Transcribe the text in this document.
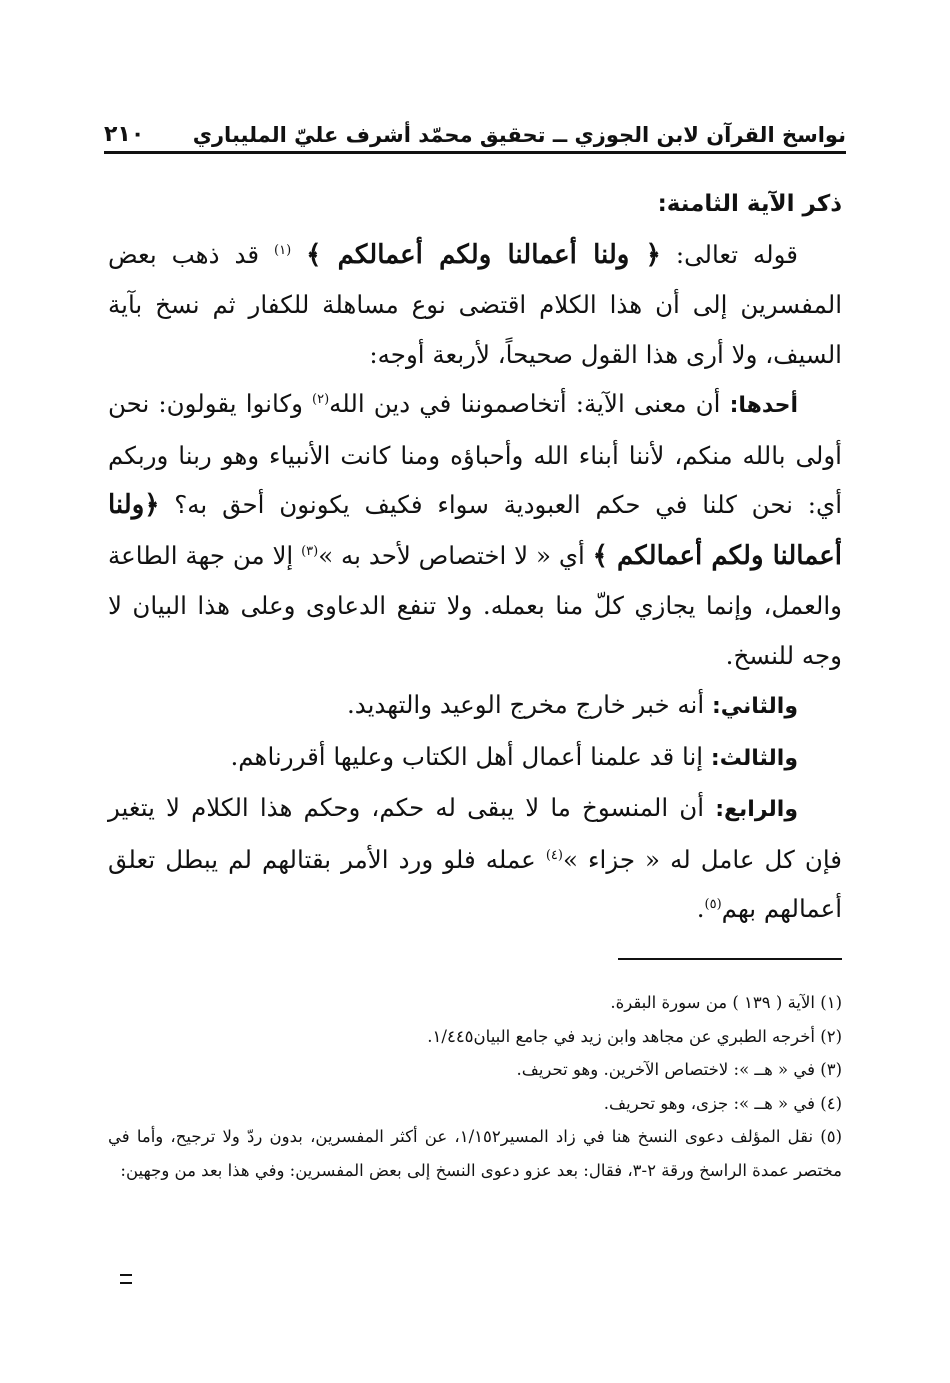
نواسخ القرآن لابن الجوزي ــ تحقيق محمّد أشرف عليّ المليباري
٢١٠

ذكر الآية الثامنة:

قوله تعالى: ﴿ ولنا أعمالنا ولكم أعمالكم ﴾ $^{(١)}$ قد ذهب بعض المفسرين إلى أن هذا الكلام اقتضى نوع مساهلة للكفار ثم نسخ بآية السيف، ولا أرى هذا القول صحيحاً، لأربعة أوجه:

أحدها: أن معنى الآية: أتخاصموننا في دين الله$^{(٢)}$ وكانوا يقولون: نحن أولى بالله منكم، لأننا أبناء الله وأحباؤه ومنا كانت الأنبياء وهو ربنا وربكم أي: نحن كلنا في حكم العبودية سواء فكيف يكونون أحق به؟ ﴿ولنا أعمالنا ولكم أعمالكم ﴾ أي « لا اختصاص لأحد به »$^{(٣)}$ إلا من جهة الطاعة والعمل، وإنما يجازي كلّ منا بعمله. ولا تنفع الدعاوى وعلى هذا البيان لا وجه للنسخ.

والثاني: أنه خبر خارج مخرج الوعيد والتهديد.

والثالث: إنا قد علمنا أعمال أهل الكتاب وعليها أقررناهم.

والرابع: أن المنسوخ ما لا يبقى له حكم، وحكم هذا الكلام لا يتغير فإن كل عامل له « جزاء »$^{(٤)}$ عمله فلو ورد الأمر بقتالهم لم يبطل تعلق أعمالهم بهم$^{(٥)}$.

(١) الآية ( ١٣٩ ) من سورة البقرة.

(٢) أخرجه الطبري عن مجاهد وابن زيد في جامع البيان١/٤٤٥.

(٣) في « هــ »: لاختصاص الآخرين. وهو تحريف.

(٤) في « هــ »: جزى، وهو تحريف.

(٥) نقل المؤلف دعوى النسخ هنا في زاد المسير١/١٥٢، عن أكثر المفسرين، بدون ردّ ولا ترجيح، وأما في مختصر عمدة الراسخ ورقة ٢-٣، فقال: بعد عزو دعوى النسخ إلى بعض المفسرين: وفي هذا بعد من وجهين:
